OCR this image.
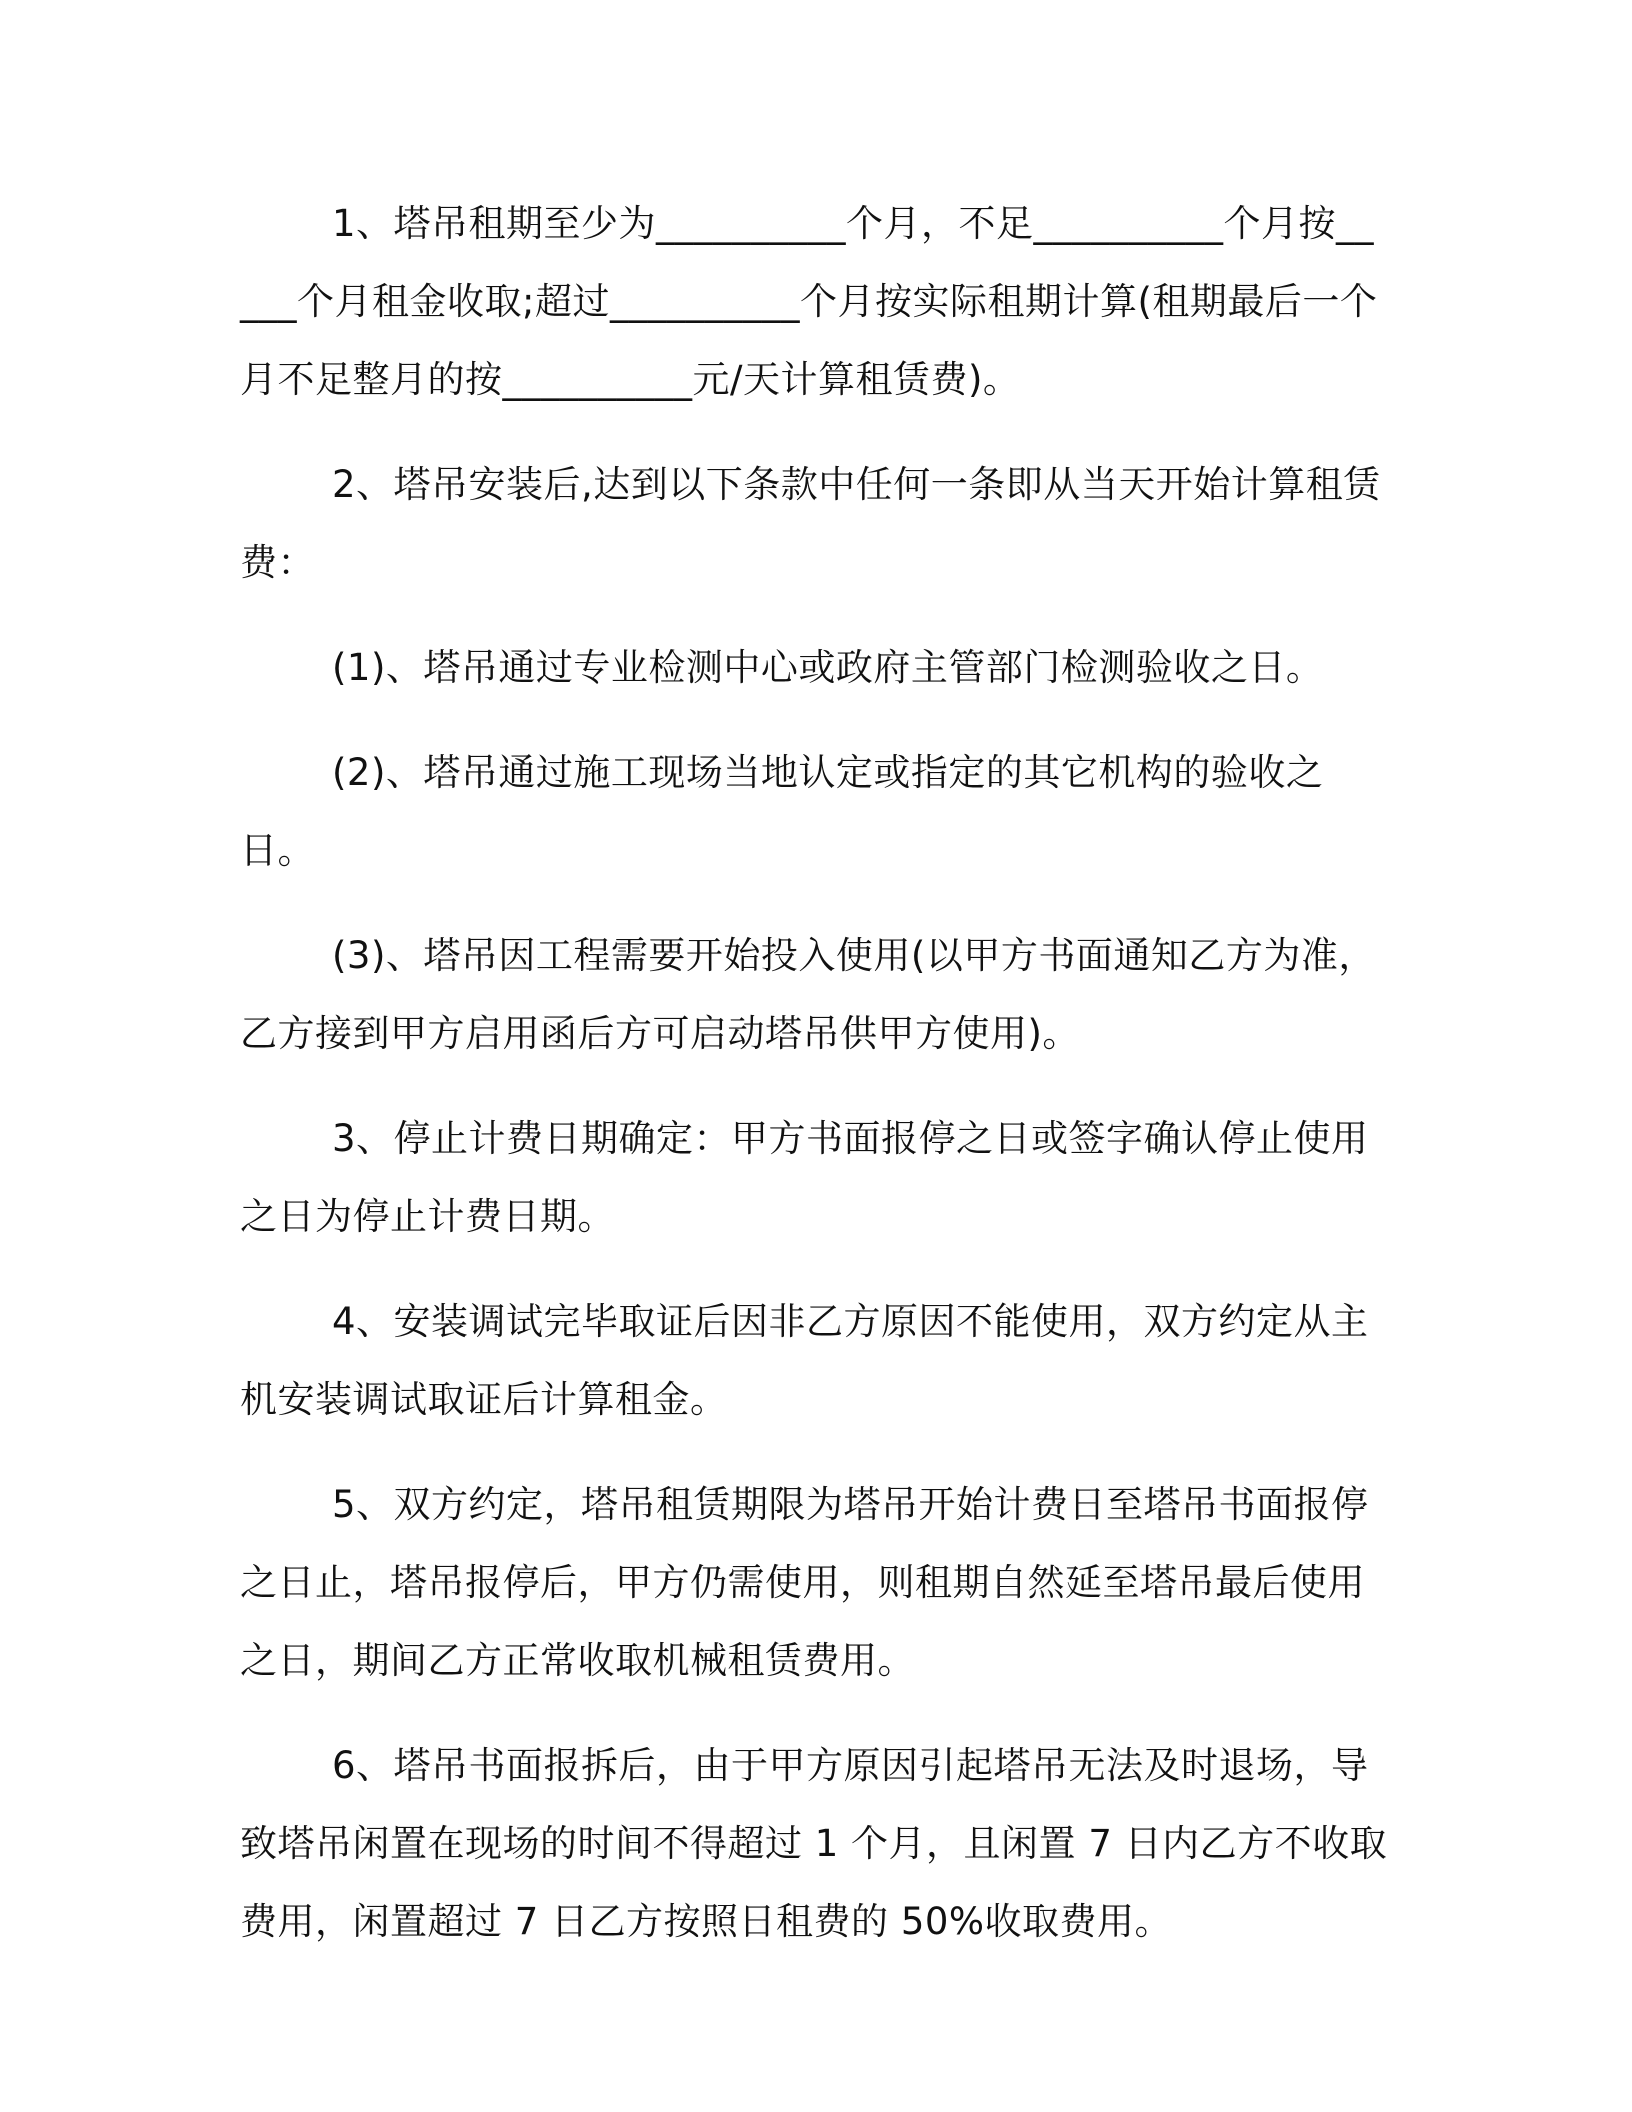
1、塔吊租期至少为__________个月，不足__________个月按_____个月租金收取;超过__________个月按实际租期计算(租期最后一个月不足整月的按__________元/天计算租赁费)。

2、塔吊安装后,达到以下条款中任何一条即从当天开始计算租赁费：

(1)、塔吊通过专业检测中心或政府主管部门检测验收之日。

(2)、塔吊通过施工现场当地认定或指定的其它机构的验收之日。

(3)、塔吊因工程需要开始投入使用(以甲方书面通知乙方为准，乙方接到甲方启用函后方可启动塔吊供甲方使用)。

3、停止计费日期确定：甲方书面报停之日或签字确认停止使用之日为停止计费日期。

4、安装调试完毕取证后因非乙方原因不能使用，双方约定从主机安装调试取证后计算租金。

5、双方约定，塔吊租赁期限为塔吊开始计费日至塔吊书面报停之日止，塔吊报停后，甲方仍需使用，则租期自然延至塔吊最后使用之日，期间乙方正常收取机械租赁费用。

6、塔吊书面报拆后，由于甲方原因引起塔吊无法及时退场，导致塔吊闲置在现场的时间不得超过 1 个月，且闲置 7 日内乙方不收取费用，闲置超过 7 日乙方按照日租费的 50%收取费用。
